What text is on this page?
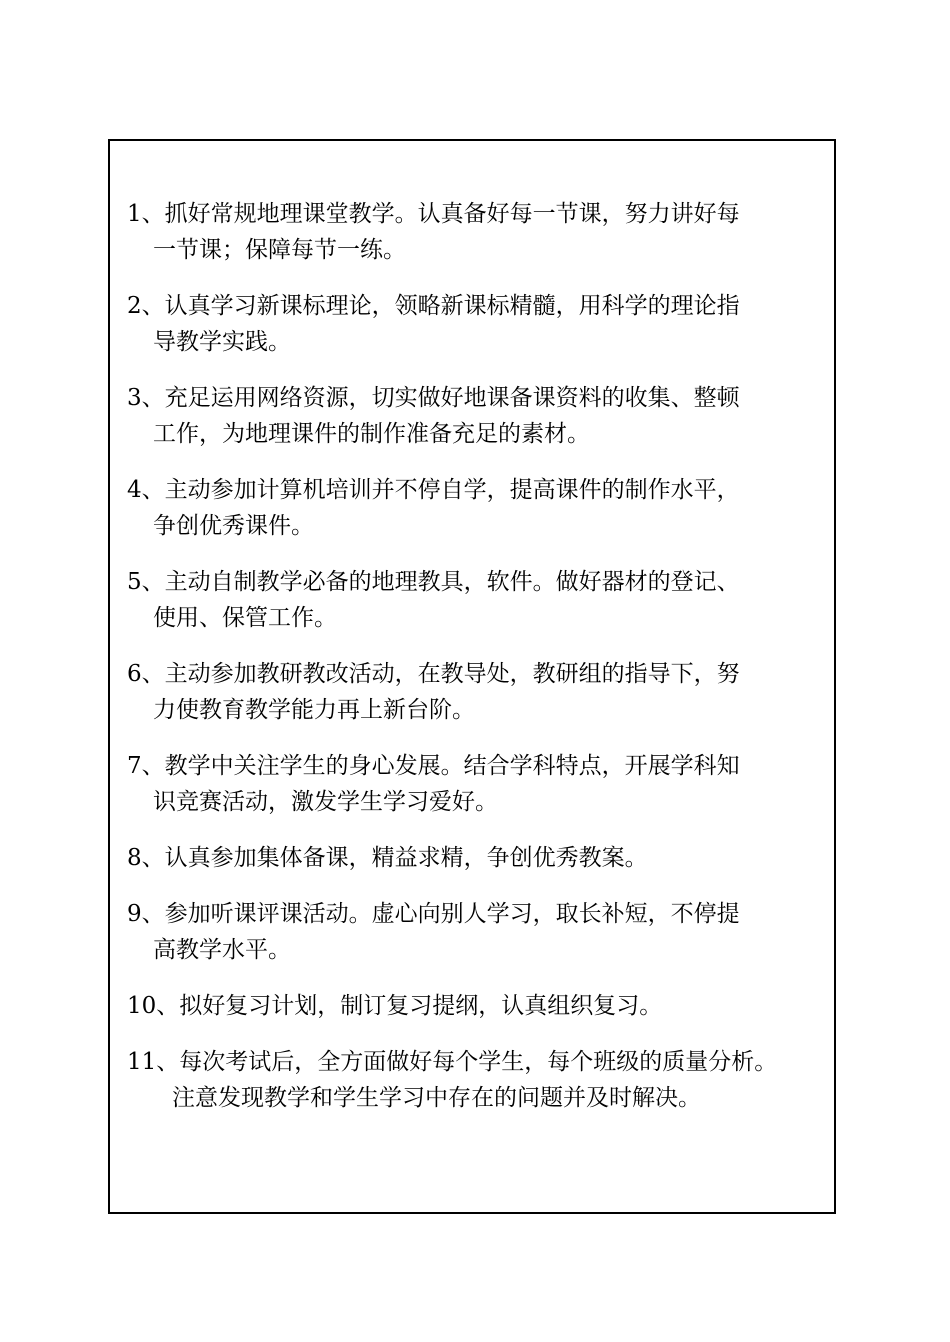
1、抓好常规地理课堂教学。认真备好每一节课，努力讲好每
一节课；保障每节一练。
2、认真学习新课标理论，领略新课标精髓，用科学的理论指
导教学实践。
3、充足运用网络资源，切实做好地课备课资料的收集、整顿
工作，为地理课件的制作准备充足的素材。
4、主动参加计算机培训并不停自学，提高课件的制作水平，
争创优秀课件。
5、主动自制教学必备的地理教具，软件。做好器材的登记、
使用、保管工作。
6、主动参加教研教改活动，在教导处，教研组的指导下，努
力使教育教学能力再上新台阶。
7、教学中关注学生的身心发展。结合学科特点，开展学科知
识竞赛活动，激发学生学习爱好。
8、认真参加集体备课，精益求精，争创优秀教案。
9、参加听课评课活动。虚心向别人学习，取长补短，不停提
高教学水平。
10、拟好复习计划，制订复习提纲，认真组织复习。
11、每次考试后，全方面做好每个学生，每个班级的质量分析。
注意发现教学和学生学习中存在的问题并及时解决。
